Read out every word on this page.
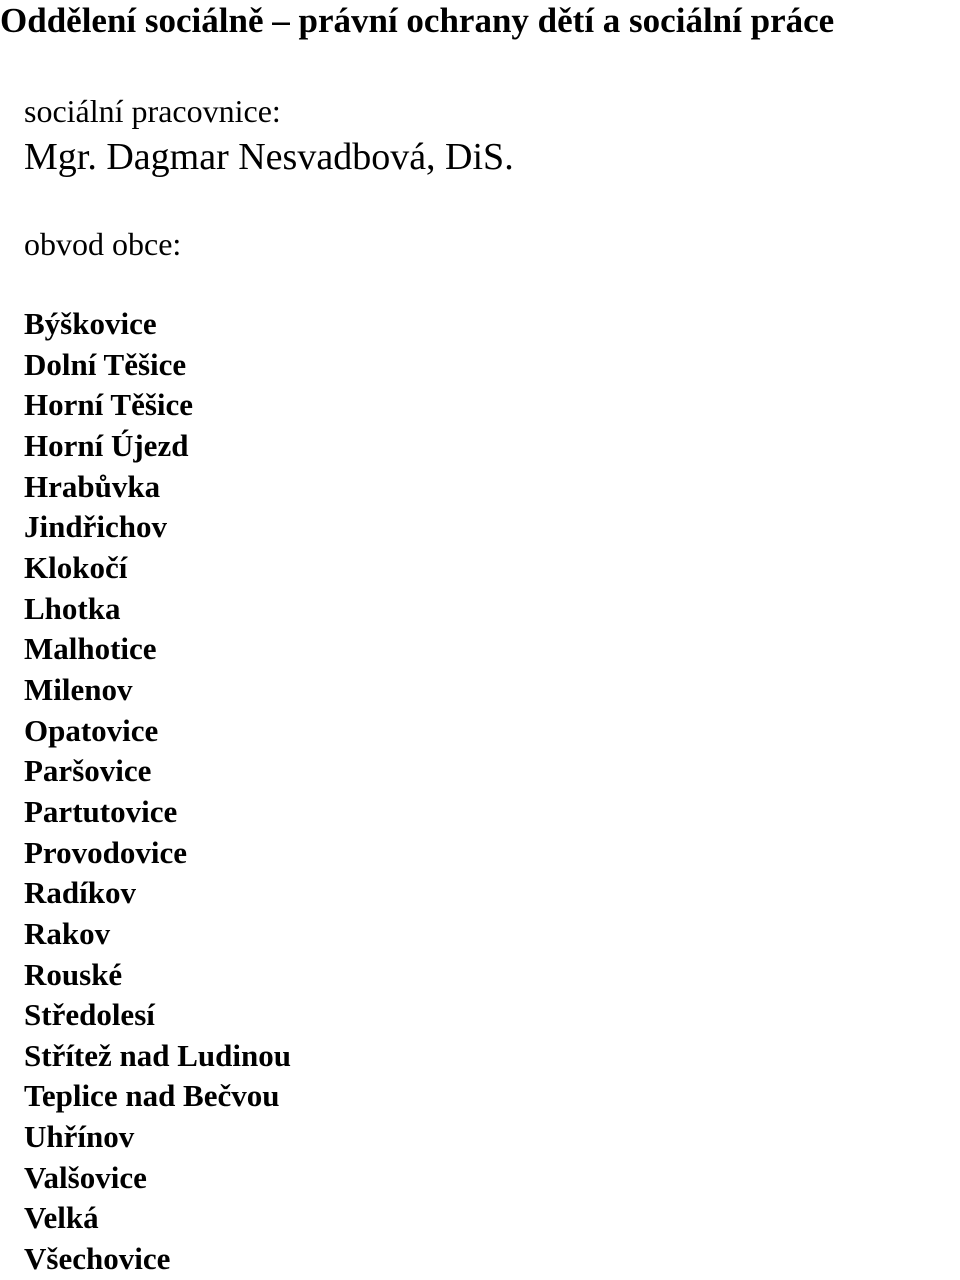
Oddělení sociálně – právní ochrany dětí a sociální práce
sociální pracovnice:
Mgr. Dagmar Nesvadbová, DiS.
obvod obce:
Býškovice
Dolní Těšice
Horní Těšice
Horní Újezd
Hrabůvka
Jindřichov
Klokočí
Lhotka
Malhotice
Milenov
Opatovice
Paršovice
Partutovice
Provodovice
Radíkov
Rakov
Rouské
Středolesí
Střítež nad Ludinou
Teplice nad Bečvou
Uhřínov
Valšovice
Velká
Všechovice
